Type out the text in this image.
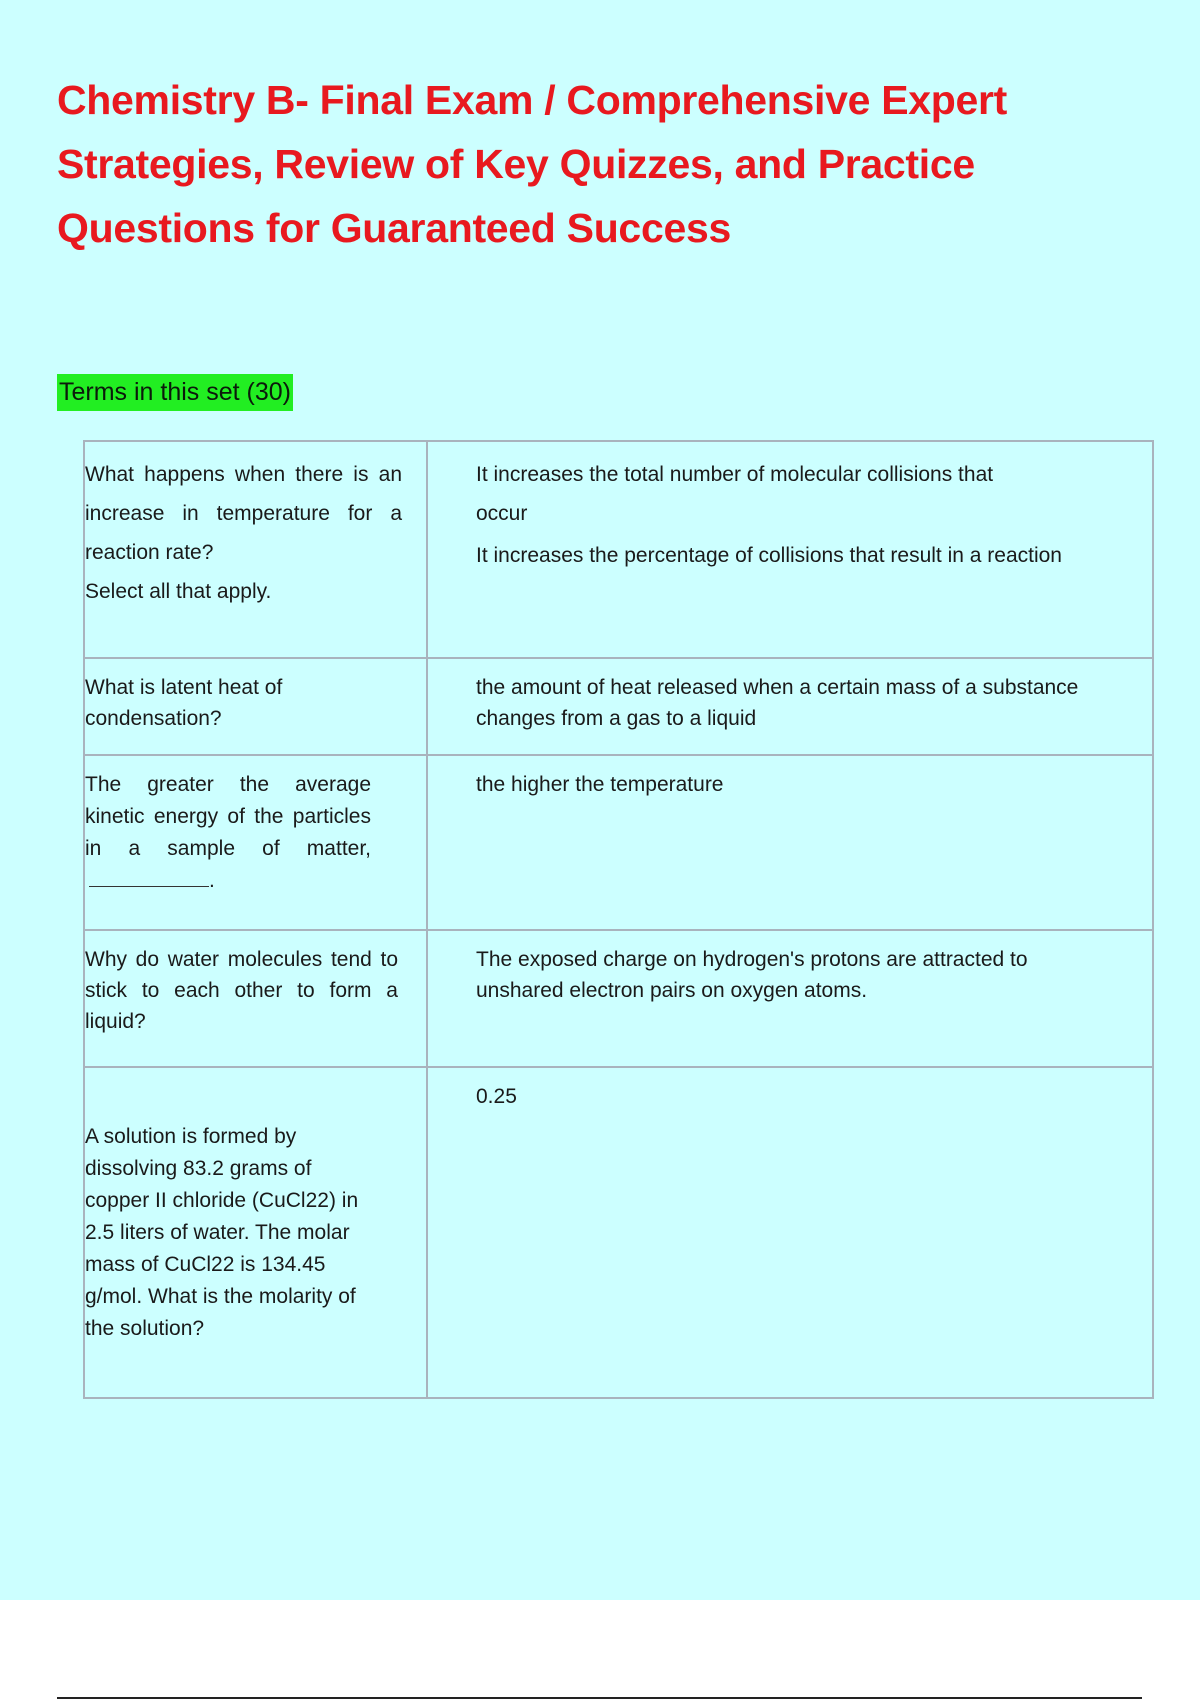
Chemistry B- Final Exam / Comprehensive Expert Strategies, Review of Key Quizzes, and Practice Questions for Guaranteed Success
Terms in this set (30)
What happens when there is an increase in temperature for a reaction rate?
Select all that apply.	It increases the total number of molecular collisions that occur
It increases the percentage of collisions that result in a reaction

What is latent heat of condensation?	the amount of heat released when a certain mass of a substance changes from a gas to a liquid

The greater the average kinetic energy of the particles in a sample of matter,.	the higher the temperature

Why do water molecules tend to stick to each other to form a liquid?	The exposed charge on hydrogen's protons are attracted to unshared electron pairs on oxygen atoms.

A solution is formed by dissolving 83.2 grams of copper II chloride (CuCl22) in 2.5 liters of water. The molar mass of CuCl22 is 134.45 g/mol. What is the molarity of the solution?	0.25
